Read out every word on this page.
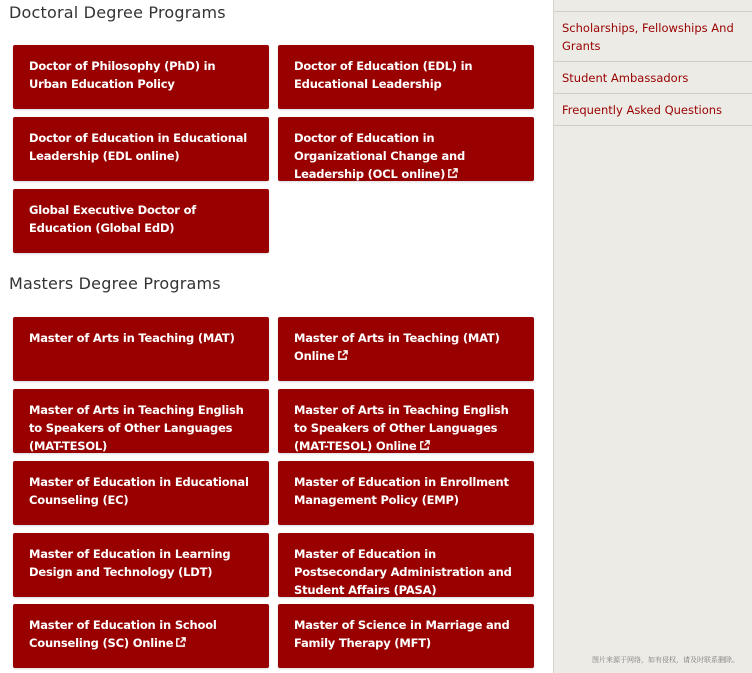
Doctoral Degree Programs
Doctor of Philosophy (PhD) in Urban Education Policy
Doctor of Education (EDL) in Educational Leadership
Doctor of Education in Educational Leadership (EDL online)
Doctor of Education in Organizational Change and Leadership (OCL online)
Global Executive Doctor of Education (Global EdD)
Masters Degree Programs
Master of Arts in Teaching (MAT)	Master of Arts in Teaching (MAT) Online
Master of Arts in Teaching English to Speakers of Other Languages (MAT-TESOL)
Master of Arts in Teaching English to Speakers of Other Languages (MAT-TESOL) Online
Master of Education in Educational Counseling (EC)
Master of Education in Enrollment Management Policy (EMP)
Master of Education in Learning Design and Technology (LDT)
Master of Education in Postsecondary Administration and Student Affairs (PASA)
Master of Education in School Counseling (SC) Online
Master of Science in Marriage and Family Therapy (MFT)
Scholarships, Fellowships And Grants
Student Ambassadors
Frequently Asked Questions
图片来源于网络，如有侵权，请及时联系删除。
